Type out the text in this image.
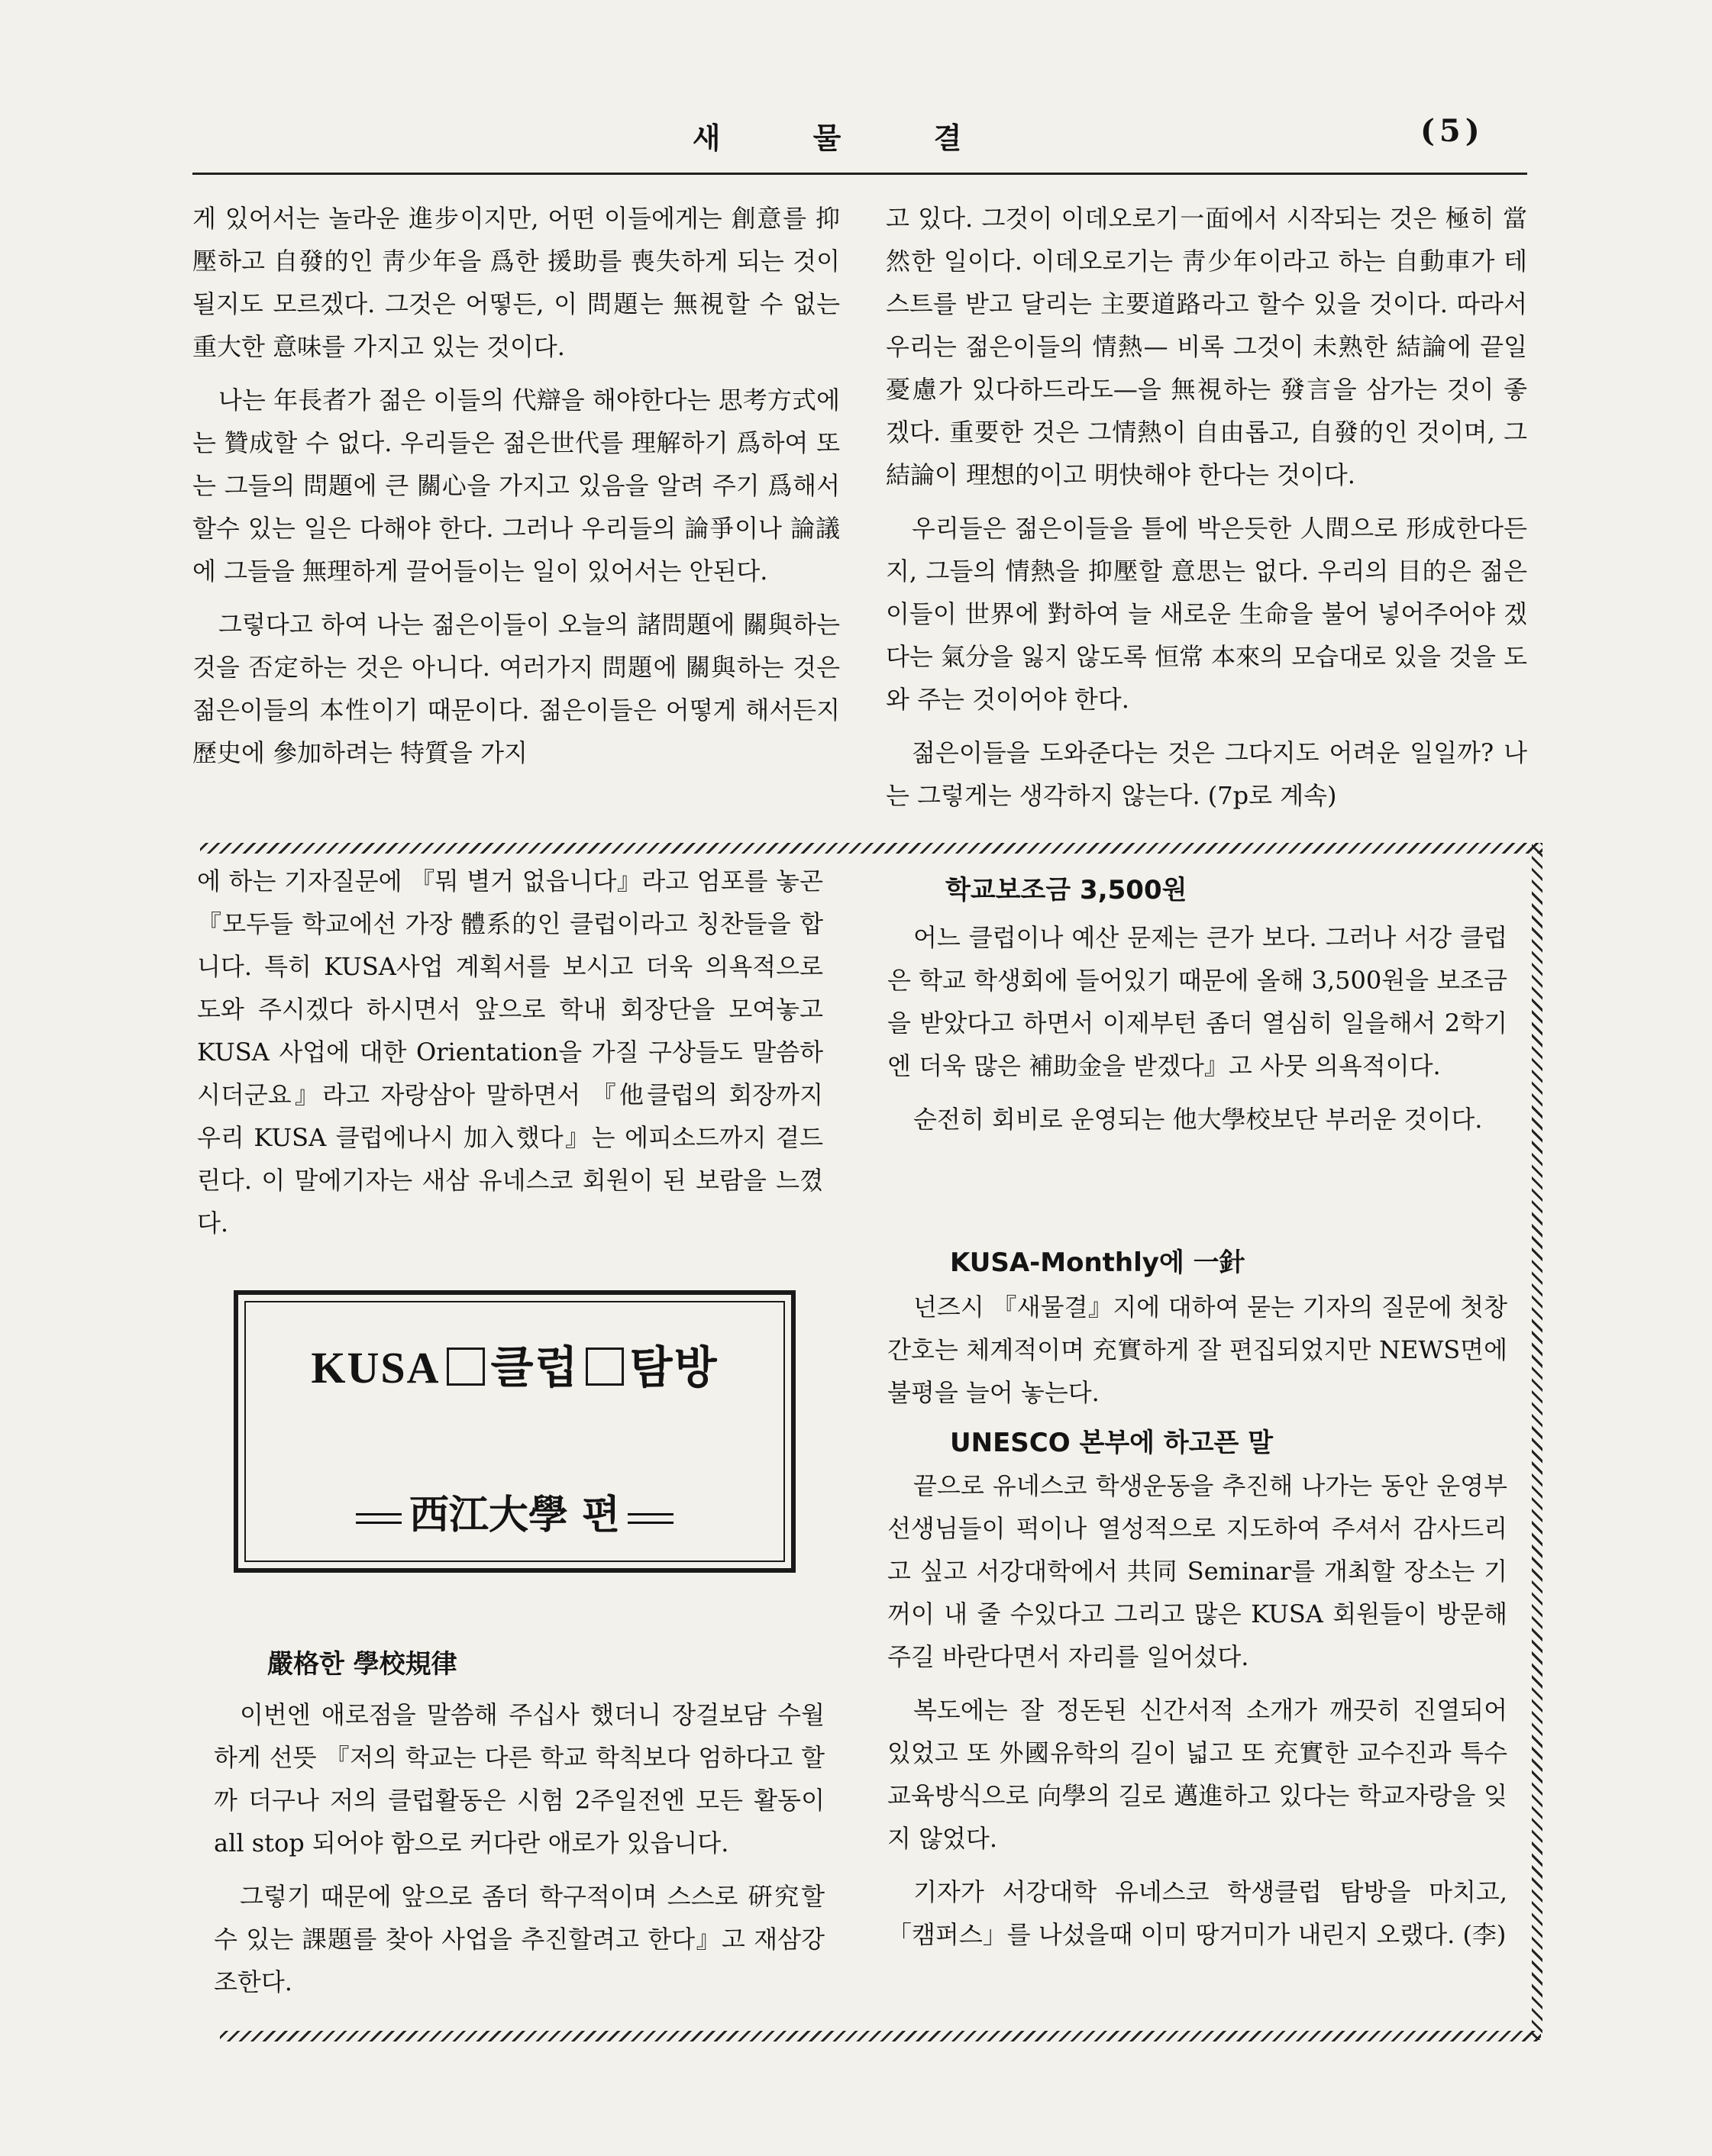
새 물 결	(5)

게 있어서는 놀라운 進步이지만, 어떤 이들에게는 創意를 抑壓하고 自發的인 靑少年을 爲한 援助를 喪失하게 되는 것이 될지도 모르겠다. 그것은 어떻든, 이 問題는 無視할 수 없는 重大한 意味를 가지고 있는 것이다.

나는 年長者가 젊은 이들의 代辯을 해야한다는 思考方式에는 贊成할 수 없다. 우리들은 젊은世代를 理解하기 爲하여 또는 그들의 問題에 큰 關心을 가지고 있음을 알려 주기 爲해서 할수 있는 일은 다해야 한다. 그러나 우리들의 論爭이나 論議에 그들을 無理하게 끌어들이는 일이 있어서는 안된다.

그렇다고 하여 나는 젊은이들이 오늘의 諸問題에 關與하는 것을 否定하는 것은 아니다. 여러가지 問題에 關與하는 것은 젊은이들의 本性이기 때문이다. 젊은이들은 어떻게 해서든지 歷史에 參加하려는 特質을 가지

고 있다. 그것이 이데오로기一面에서 시작되는 것은 極히 當然한 일이다. 이데오로기는 靑少年이라고 하는 自動車가 테스트를 받고 달리는 主要道路라고 할수 있을 것이다. 따라서 우리는 젊은이들의 情熱— 비록 그것이 未熟한 結論에 끝일 憂慮가 있다하드라도—을 無視하는 發言을 삼가는 것이 좋겠다. 重要한 것은 그情熱이 自由롭고, 自發的인 것이며, 그 結論이 理想的이고 明快해야 한다는 것이다.

우리들은 젊은이들을 틀에 박은듯한 人間으로 形成한다든지, 그들의 情熱을 抑壓할 意思는 없다. 우리의 目的은 젊은 이들이 世界에 對하여 늘 새로운 生命을 불어 넣어주어야 겠다는 氣分을 잃지 않도록 恒常 本來의 모습대로 있을 것을 도와 주는 것이어야 한다.

젊은이들을 도와준다는 것은 그다지도 어려운 일일까? 나는 그렇게는 생각하지 않는다. (7p로 계속)

에 하는 기자질문에 『뭐 별거 없읍니다』라고 엄포를 놓곤 『모두들 학교에선 가장 體系的인 클럽이라고 칭찬들을 합니다. 특히 KUSA사업 계획서를 보시고 더욱 의욕적으로 도와 주시겠다 하시면서 앞으로 학내 회장단을 모여놓고 KUSA 사업에 대한 Orientation을 가질 구상들도 말씀하시더군요』라고 자랑삼아 말하면서 『他클럽의 회장까지 우리 KUSA 클럽에나시 加入했다』는 에피소드까지 곁드린다. 이 말에기자는 새삼 유네스코 회원이 된 보람을 느꼈다.

KUSA 클럽 탐방
西江大學 편
嚴格한 學校規律

이번엔 애로점을 말씀해 주십사 했더니 장걸보담 수월하게 선뜻 『저의 학교는 다른 학교 학칙보다 엄하다고 할까 더구나 저의 클럽활동은 시험 2주일전엔 모든 활동이 all stop 되어야 함으로 커다란 애로가 있읍니다.

그렇기 때문에 앞으로 좀더 학구적이며 스스로 硏究할 수 있는 課題를 찾아 사업을 추진할려고 한다』고 재삼강조한다.

학교보조금 3,500원

어느 클럽이나 예산 문제는 큰가 보다. 그러나 서강 클럽은 학교 학생회에 들어있기 때문에 올해 3,500원을 보조금을 받았다고 하면서 이제부턴 좀더 열심히 일을해서 2학기엔 더욱 많은 補助金을 받겠다』고 사뭇 의욕적이다.

순전히 회비로 운영되는 他大學校보단 부러운 것이다.

KUSA-Monthly에 一針

넌즈시 『새물결』지에 대하여 묻는 기자의 질문에 첫창간호는 체계적이며 充實하게 잘 편집되었지만 NEWS면에 불평을 늘어 놓는다.

UNESCO 본부에 하고픈 말

끝으로 유네스코 학생운동을 추진해 나가는 동안 운영부 선생님들이 퍽이나 열성적으로 지도하여 주셔서 감사드리고 싶고 서강대학에서 共同 Seminar를 개최할 장소는 기꺼이 내 줄 수있다고 그리고 많은 KUSA 회원들이 방문해 주길 바란다면서 자리를 일어섰다.

복도에는 잘 정돈된 신간서적 소개가 깨끗히 진열되어 있었고 또 外國유학의 길이 넓고 또 充實한 교수진과 특수 교육방식으로 向學의 길로 邁進하고 있다는 학교자랑을 잊지 않었다.

기자가 서강대학 유네스코 학생클럽 탐방을 마치고, 「캠퍼스」를 나섰을때 이미 땅거미가 내린지 오랬다. (李)
